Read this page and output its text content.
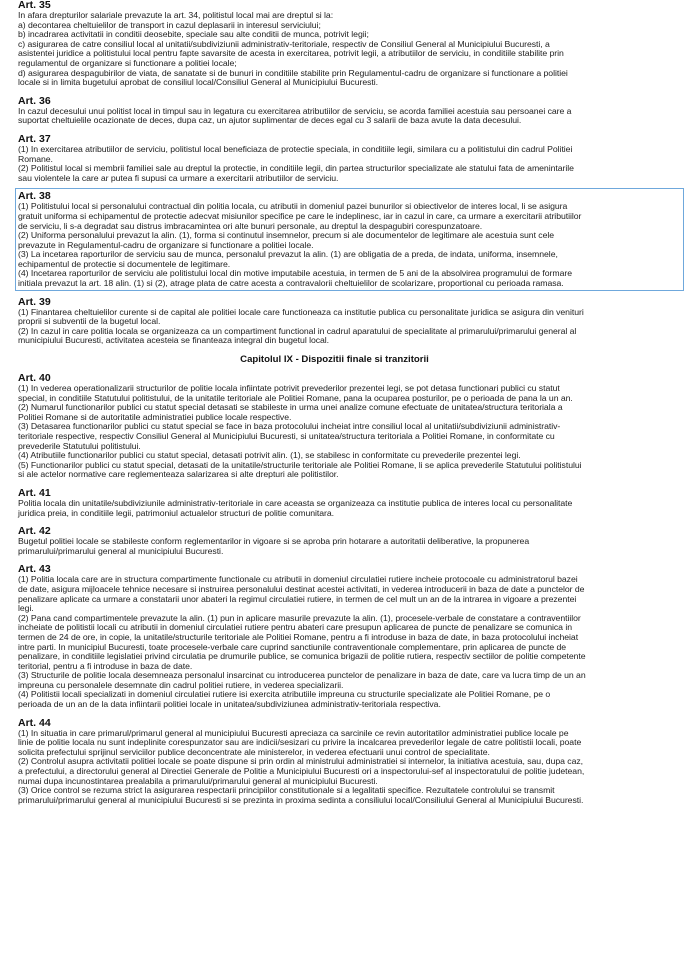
Art. 35

In afara drepturilor salariale prevazute la art. 34, politistul local mai are dreptul si la:
a) decontarea cheltuielilor de transport in cazul deplasarii in interesul serviciului;
b) incadrarea activitatii in conditii deosebite, speciale sau alte conditii de munca, potrivit legii;
c) asigurarea de catre consiliul local al unitatii/subdiviziunii administrativ-teritoriale, respectiv de Consiliul General al Municipiului Bucuresti, a
asistentei juridice a politistului local pentru fapte savarsite de acesta in exercitarea, potrivit legii, a atributiilor de serviciu, in conditiile stabilite prin
regulamentul de organizare si functionare a politiei locale;
d) asigurarea despagubirilor de viata, de sanatate si de bunuri in conditiile stabilite prin Regulamentul-cadru de organizare si functionare a politiei
locale si in limita bugetului aprobat de consiliul local/Consiliul General al Municipiului Bucuresti.

Art. 36

In cazul decesului unui politist local in timpul sau in legatura cu exercitarea atributiilor de serviciu, se acorda familiei acestuia sau persoanei care a
suportat cheltuielile ocazionate de deces, dupa caz, un ajutor suplimentar de deces egal cu 3 salarii de baza avute la data decesului.

Art. 37

(1) In exercitarea atributiilor de serviciu, politistul local beneficiaza de protectie speciala, in conditiile legii, similara cu a politistului din cadrul Politiei
Romane.

(2) Politistul local si membrii familiei sale au dreptul la protectie, in conditiile legii, din partea structurilor specializate ale statului fata de amenintarile
sau violentele la care ar putea fi supusi ca urmare a exercitarii atributiilor de serviciu.

Art. 38

(1) Politistului local si personalului contractual din politia locala, cu atributii in domeniul pazei bunurilor si obiectivelor de interes local, li se asigura
gratuit uniforma si echipamentul de protectie adecvat misiunilor specifice pe care le indeplinesc, iar in cazul in care, ca urmare a exercitarii atributiilor
de serviciu, li s-a degradat sau distrus imbracamintea ori alte bunuri personale, au dreptul la despagubiri corespunzatoare.

(2) Uniforma personalului prevazut la alin. (1), forma si continutul insemnelor, precum si ale documentelor de legitimare ale acestuia sunt cele
prevazute in Regulamentul-cadru de organizare si functionare a politiei locale.

(3) La incetarea raporturilor de serviciu sau de munca, personalul prevazut la alin. (1) are obligatia de a preda, de indata, uniforma, insemnele,
echipamentul de protectie si documentele de legitimare.

(4) Incetarea raporturilor de serviciu ale politistului local din motive imputabile acestuia, in termen de 5 ani de la absolvirea programului de formare
initiala prevazut la art. 18 alin. (1) si (2), atrage plata de catre acesta a contravalorii cheltuielilor de scolarizare, proportional cu perioada ramasa.

Art. 39

(1) Finantarea cheltuielilor curente si de capital ale politiei locale care functioneaza ca institutie publica cu personalitate juridica se asigura din venituri
proprii si subventii de la bugetul local.

(2) In cazul in care politia locala se organizeaza ca un compartiment functional in cadrul aparatului de specialitate al primarului/primarului general al
municipiului Bucuresti, activitatea acesteia se finanteaza integral din bugetul local.

Capitolul IX - Dispozitii finale si tranzitorii

Art. 40

(1) In vederea operationalizarii structurilor de politie locala infiintate potrivit prevederilor prezentei legi, se pot detasa functionari publici cu statut
special, in conditiile Statutului politistului, de la unitatile teritoriale ale Politiei Romane, pana la ocuparea posturilor, pe o perioada de pana la un an.

(2) Numarul functionarilor publici cu statut special detasati se stabileste in urma unei analize comune efectuate de unitatea/structura teritoriala a
Politiei Romane si de autoritatile administratiei publice locale respective.

(3) Detasarea functionarilor publici cu statut special se face in baza protocolului incheiat intre consiliul local al unitatii/subdiviziunii administrativ-
teritoriale respective, respectiv Consiliul General al Municipiului Bucuresti, si unitatea/structura teritoriala a Politiei Romane, in conformitate cu
prevederile Statutului politistului.

(4) Atributiile functionarilor publici cu statut special, detasati potrivit alin. (1), se stabilesc in conformitate cu prevederile prezentei legi.

(5) Functionarilor publici cu statut special, detasati de la unitatile/structurile teritoriale ale Politiei Romane, li se aplica prevederile Statutului politistului
si ale actelor normative care reglementeaza salarizarea si alte drepturi ale politistilor.

Art. 41

Politia locala din unitatile/subdiviziunile administrativ-teritoriale in care aceasta se organizeaza ca institutie publica de interes local cu personalitate
juridica preia, in conditiile legii, patrimoniul actualelor structuri de politie comunitara.

Art. 42

Bugetul politiei locale se stabileste conform reglementarilor in vigoare si se aproba prin hotarare a autoritatii deliberative, la propunerea
primarului/primarului general al municipiului Bucuresti.

Art. 43

(1) Politia locala care are in structura compartimente functionale cu atributii in domeniul circulatiei rutiere incheie protocoale cu administratorul bazei
de date, asigura mijloacele tehnice necesare si instruirea personalului destinat acestei activitati, in vederea introducerii in baza de date a punctelor de
penalizare aplicate ca urmare a constatarii unor abateri la regimul circulatiei rutiere, in termen de cel mult un an de la intrarea in vigoare a prezentei
legi.

(2) Pana cand compartimentele prevazute la alin. (1) pun in aplicare masurile prevazute la alin. (1), procesele-verbale de constatare a contraventiilor
incheiate de politistii locali cu atributii in domeniul circulatiei rutiere pentru abateri care presupun aplicarea de puncte de penalizare se comunica in
termen de 24 de ore, in copie, la unitatile/structurile teritoriale ale Politiei Romane, pentru a fi introduse in baza de date, in baza protocolului incheiat
intre parti. In municipiul Bucuresti, toate procesele-verbale care cuprind sanctiunile contraventionale complementare, prin aplicarea de puncte de
penalizare, in conditiile legislatiei privind circulatia pe drumurile publice, se comunica brigazii de politie rutiera, respectiv sectiilor de politie competente
teritorial, pentru a fi introduse in baza de date.

(3) Structurile de politie locala desemneaza personalul insarcinat cu introducerea punctelor de penalizare in baza de date, care va lucra timp de un an
impreuna cu personalele desemnate din cadrul politiei rutiere, in vederea specializarii.

(4) Politistii locali specializati in domeniul circulatiei rutiere isi exercita atributiile impreuna cu structurile specializate ale Politiei Romane, pe o
perioada de un an de la data infiintarii politiei locale in unitatea/subdiviziunea administrativ-teritoriala respectiva.

Art. 44

(1) In situatia in care primarul/primarul general al municipiului Bucuresti apreciaza ca sarcinile ce revin autoritatilor administratiei publice locale pe
linie de politie locala nu sunt indeplinite corespunzator sau are indicii/sesizari cu privire la incalcarea prevederilor legale de catre politistii locali, poate
solicita prefectului sprijinul serviciilor publice deconcentrate ale ministerelor, in vederea efectuarii unui control de specialitate.

(2) Controlul asupra activitatii politiei locale se poate dispune si prin ordin al ministrului administratiei si internelor, la initiativa acestuia, sau, dupa caz,
a prefectului, a directorului general al Directiei Generale de Politie a Municipiului Bucuresti ori a inspectorului-sef al inspectoratului de politie judetean,
numai dupa incunostintarea prealabila a primarului/primarului general al municipiului Bucuresti.

(3) Orice control se rezuma strict la asigurarea respectarii principiilor constitutionale si a legalitatii specifice. Rezultatele controlului se transmit
primarului/primarului general al municipiului Bucuresti si se prezinta in proxima sedinta a consiliului local/Consiliului General al Municipiului Bucuresti.
